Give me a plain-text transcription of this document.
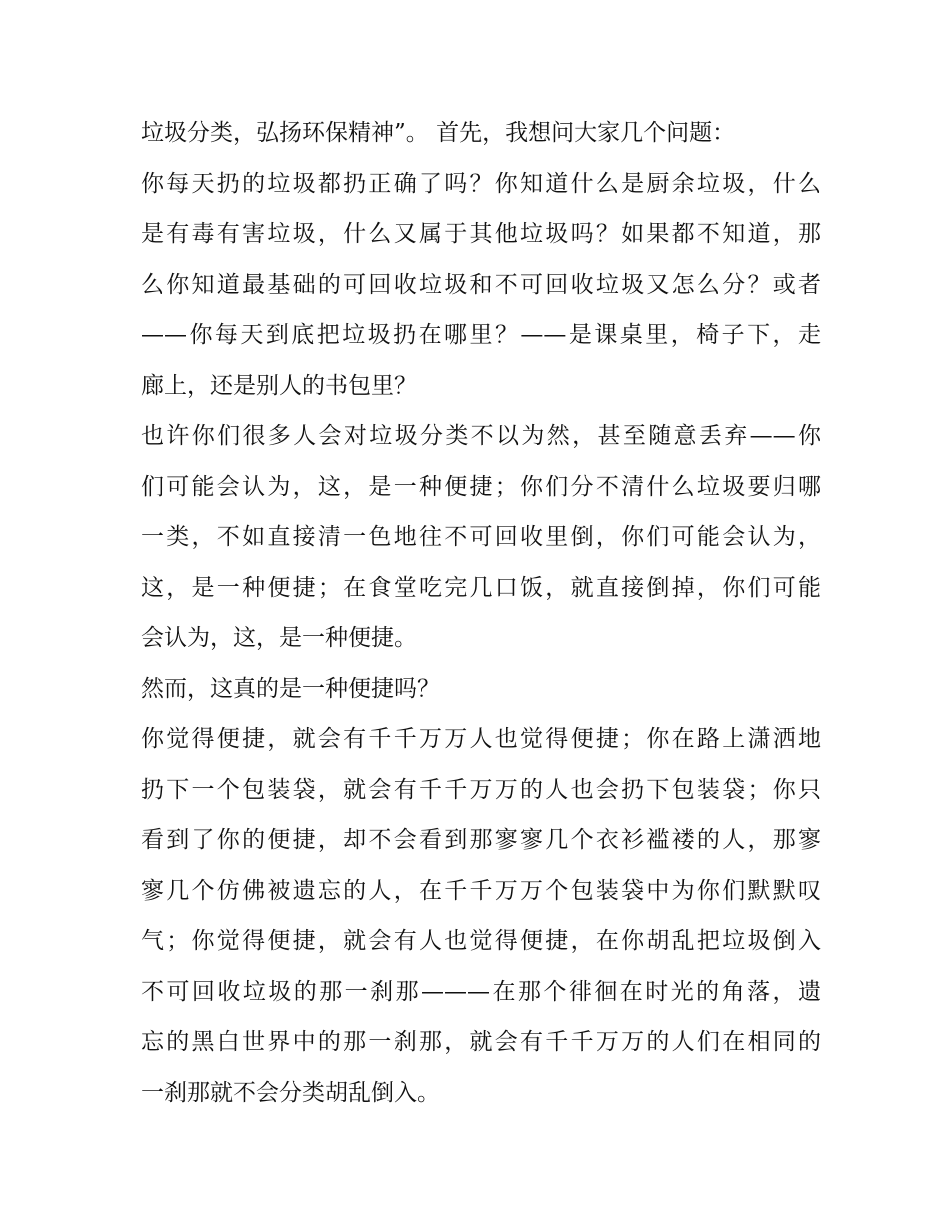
垃圾分类，弘扬环保精神”。 首先，我想问大家几个问题：
你每天扔的垃圾都扔正确了吗？你知道什么是厨余垃圾，什么
是有毒有害垃圾，什么又属于其他垃圾吗？如果都不知道，那
么你知道最基础的可回收垃圾和不可回收垃圾又怎么分？或者
——你每天到底把垃圾扔在哪里？——是课桌里，椅子下，走
廊上，还是别人的书包里？
也许你们很多人会对垃圾分类不以为然，甚至随意丢弃——你
们可能会认为，这，是一种便捷；你们分不清什么垃圾要归哪
一类，不如直接清一色地往不可回收里倒，你们可能会认为，
这，是一种便捷；在食堂吃完几口饭，就直接倒掉，你们可能
会认为，这，是一种便捷。
然而，这真的是一种便捷吗？
你觉得便捷，就会有千千万万人也觉得便捷；你在路上潇洒地
扔下一个包装袋，就会有千千万万的人也会扔下包装袋；你只
看到了你的便捷，却不会看到那寥寥几个衣衫褴褛的人，那寥
寥几个仿佛被遗忘的人，在千千万万个包装袋中为你们默默叹
气；你觉得便捷，就会有人也觉得便捷，在你胡乱把垃圾倒入
不可回收垃圾的那一刹那———在那个徘徊在时光的角落，遗
忘的黑白世界中的那一刹那，就会有千千万万的人们在相同的
一刹那就不会分类胡乱倒入。
